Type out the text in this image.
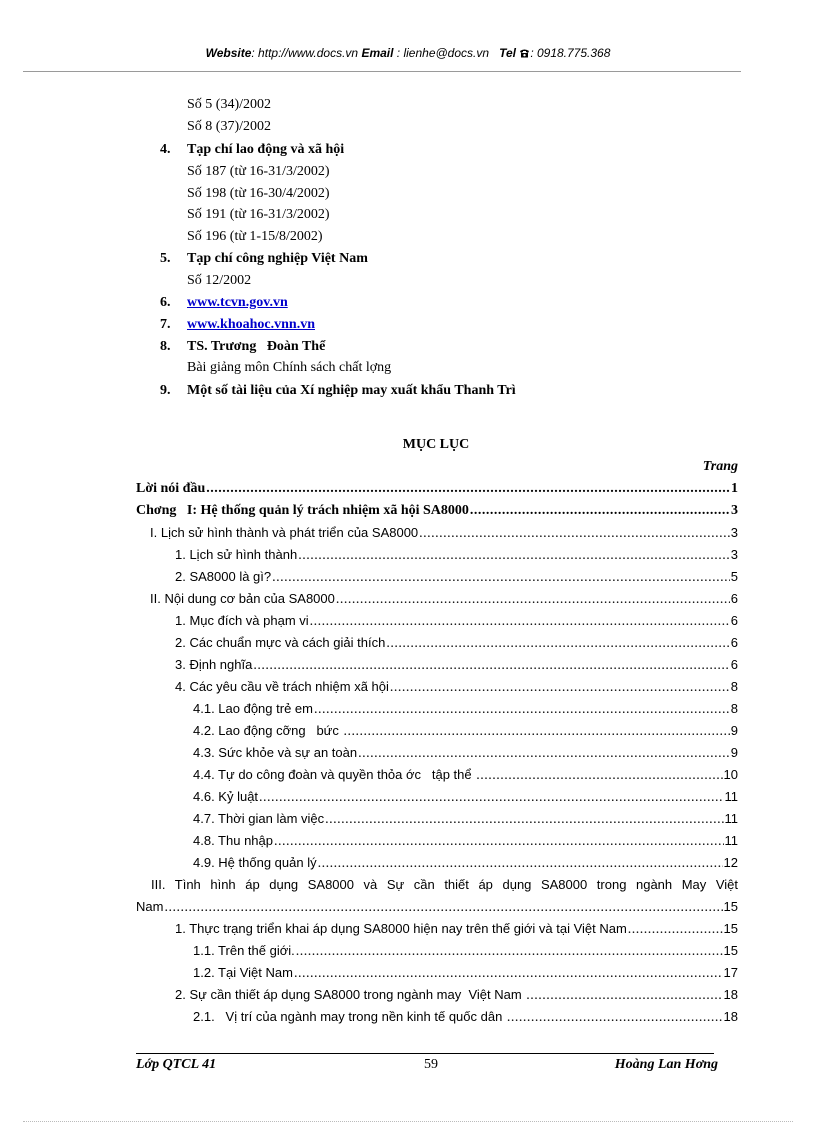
Website: http://www.docs.vn Email : lienhe@docs.vn Tel : 0918.775.368
Số 5 (34)/2002
Số 8 (37)/2002
4. Tạp chí lao động và xã hội
Số 187 (từ 16-31/3/2002)
Số 198 (từ 16-30/4/2002)
Số 191 (từ 16-31/3/2002)
Số 196 (từ 1-15/8/2002)
5. Tạp chí công nghiệp Việt Nam
Số 12/2002
6. www.tcvn.gov.vn
7. www.khoahoc.vnn.vn
8. TS. Trương   Đoàn Thể
Bài giảng môn Chính sách chất lợng
9. Một số tài liệu của Xí nghiệp may xuất khẩu Thanh Trì
MỤC LỤC
Trang
Lời nói đầu .....	1
Chơng   I: Hệ thống quản lý trách nhiệm xã hội SA8000 .....	3
I. Lịch sử hình thành và phát triển của SA8000 .....	3
1. Lịch sử hình thành .....	3
2. SA8000 là gì? .....	5
II. Nội dung cơ bản của SA8000 .....	6
1. Mục đích và phạm vi .....	6
2. Các chuẩn mực và cách giải thích .....	6
3. Định nghĩa .....	6
4. Các yêu cầu về trách nhiệm xã hội .....	8
4.1. Lao động trẻ em .....	8
4.2. Lao động cỡng   bức .....	9
4.3. Sức khỏe và sự an toàn .....	9
4.4. Tự do công đoàn và quyền thỏa ớc   tập thể .....	10
4.6. Kỷ luật .....	11
4.7. Thời gian làm việc .....	11
4.8. Thu nhập .....	11
4.9. Hệ thống quản lý .....	12
III. Tình hình áp dụng SA8000 và Sự cần thiết áp dụng SA8000 trong ngành May Việt
Nam .....	15
1. Thực trạng triển khai áp dụng SA8000 hiện nay trên thế giới và tại Việt Nam .....	15
1.1. Trên thế giới. .....	15
1.2. Tại Việt Nam .....	17
2. Sự cần thiết áp dụng SA8000 trong ngành may  Việt Nam .....	18
2.1.   Vị trí của ngành may trong nền kinh tế quốc dân .....	18
Lớp QTCL 41	59	Hoàng Lan Hơng
